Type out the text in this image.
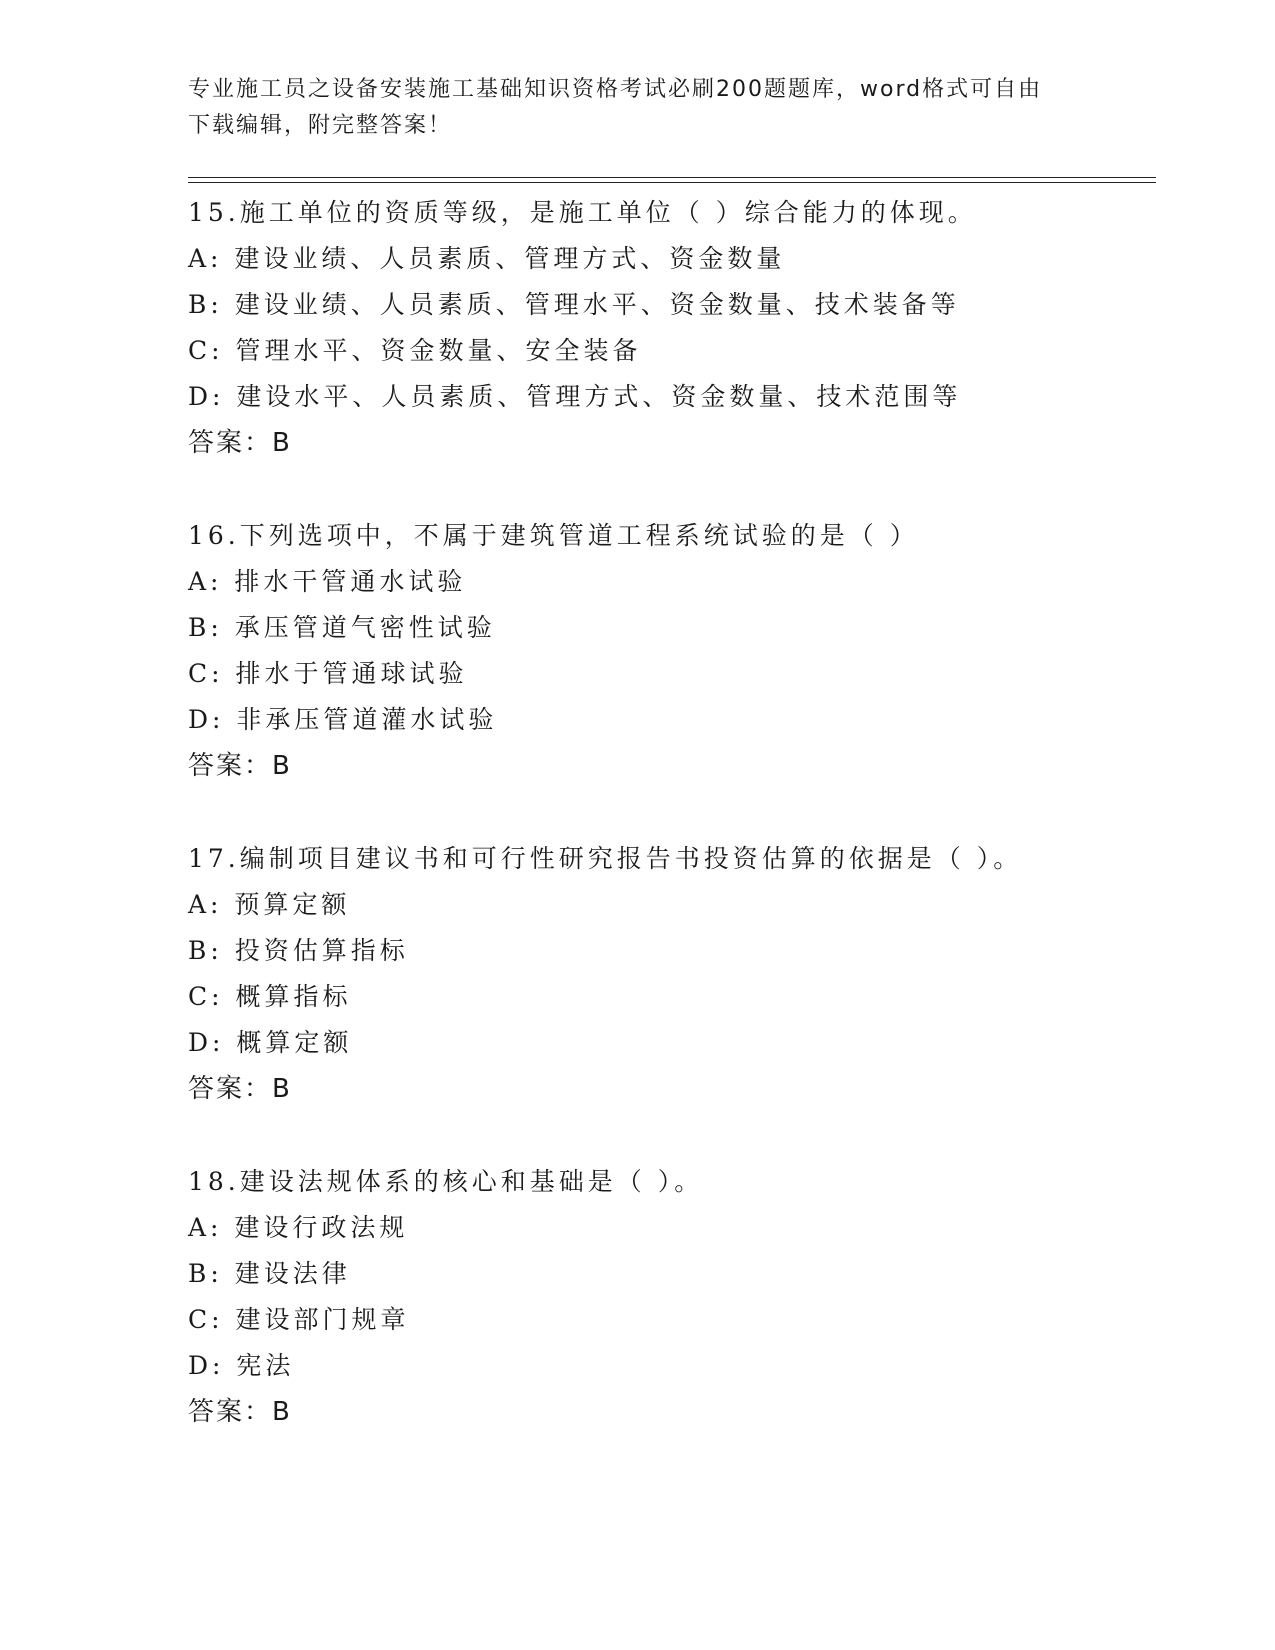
专业施工员之设备安装施工基础知识资格考试必刷200题题库，word格式可自由
下载编辑，附完整答案！
15.施工单位的资质等级，是施工单位（ ）综合能力的体现。
A: 建设业绩、人员素质、管理方式、资金数量
B: 建设业绩、人员素质、管理水平、资金数量、技术装备等
C: 管理水平、资金数量、安全装备
D: 建设水平、人员素质、管理方式、资金数量、技术范围等
答案：B
16.下列选项中，不属于建筑管道工程系统试验的是（ ）
A: 排水干管通水试验
B: 承压管道气密性试验
C: 排水于管通球试验
D: 非承压管道灌水试验
答案：B
17.编制项目建议书和可行性研究报告书投资估算的依据是（ ）。
A: 预算定额
B: 投资估算指标
C: 概算指标
D: 概算定额
答案：B
18.建设法规体系的核心和基础是（ ）。
A: 建设行政法规
B: 建设法律
C: 建设部门规章
D: 宪法
答案：B
